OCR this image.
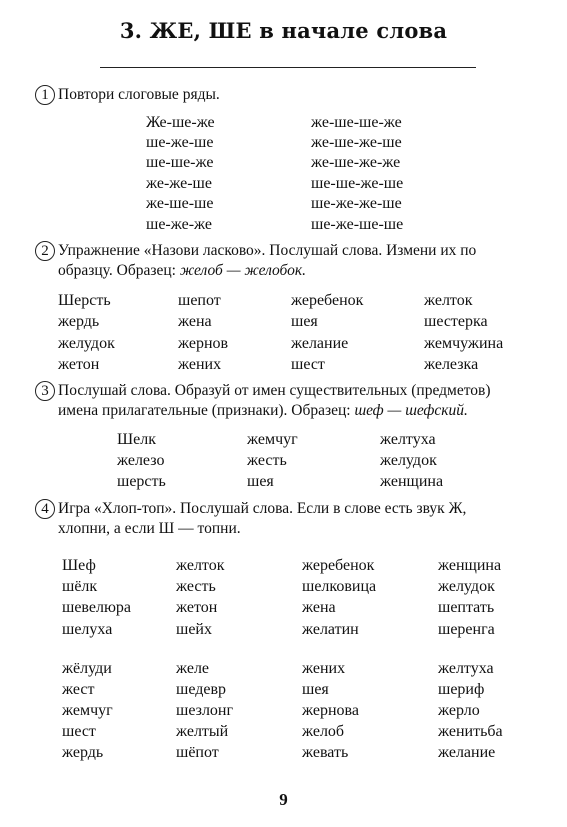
3. ЖЕ, ШЕ в начале слова
1 Повтори слоговые ряды.
Же-ше-же
ше-же-ше
ше-ше-же
же-же-ше
же-ше-ше
ше-же-же
же-ше-ше-же
же-ше-же-ше
же-ше-же-же
ше-ше-же-ше
ше-же-же-ше
ше-же-ше-ше
2 Упражнение «Назови ласково». Послушай слова. Измени их по
образцу. Образец: желоб — желобок.
Шерсть
жердь
желудок
жетон
шепот
жена
жернов
жених
жеребенок
шея
желание
шест
желток
шестерка
жемчужина
железка
3 Послушай слова. Образуй от имен существительных (предметов)
имена прилагательные (признаки). Образец: шеф — шефский.
Шелк
железо
шерсть
жемчуг
жесть
шея
желтуха
желудок
женщина
4 Игра «Хлоп-топ». Послушай слова. Если в слове есть звук Ж,
хлопни, а если Ш — топни.
Шеф
шёлк
шевелюра
шелуха
желток
жесть
жетон
шейх
жеребенок
шелковица
жена
желатин
женщина
желудок
шептать
шеренга
жёлуди
жест
жемчуг
шест
жердь
желе
шедевр
шезлонг
желтый
шёпот
жених
шея
жернова
желоб
жевать
желтуха
шериф
жерло
женитьба
желание
9
